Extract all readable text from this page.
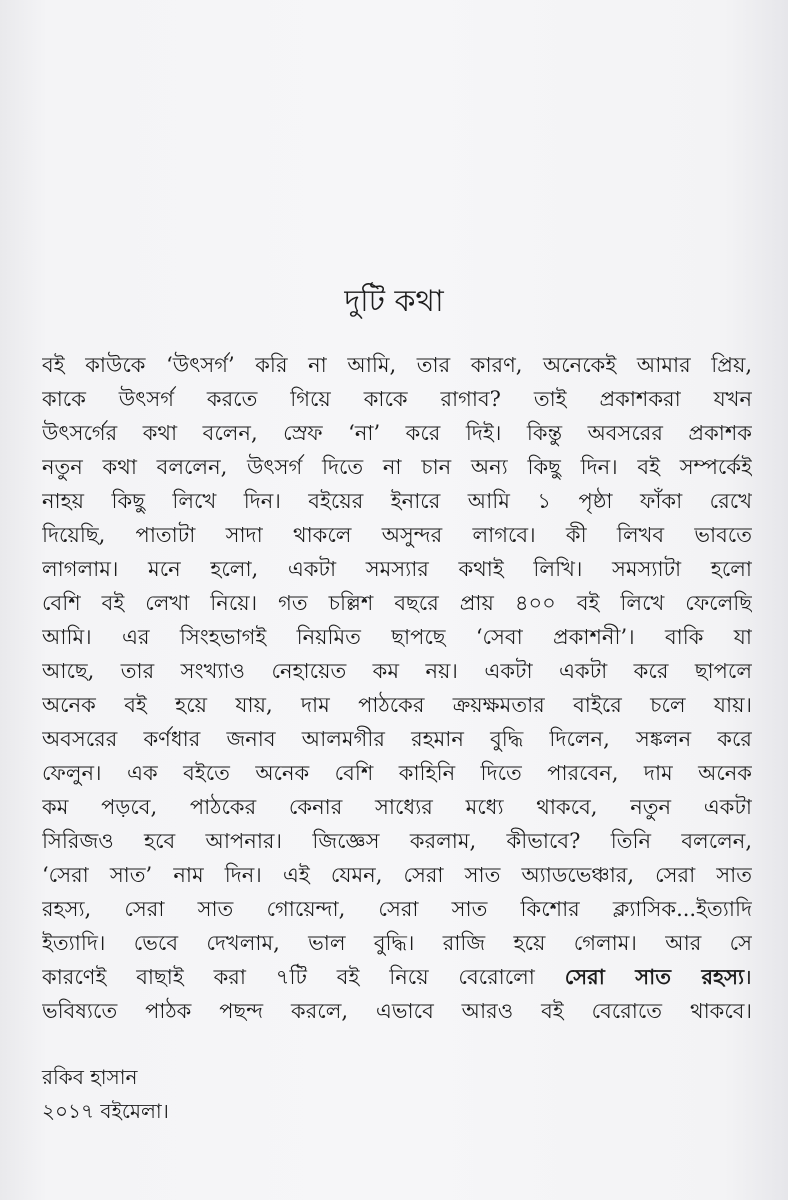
দুটি কথা
বই কাউকে ‘উৎসর্গ’ করি না আমি, তার কারণ, অনেকেই আমার প্রিয়,
কাকে উৎসর্গ করতে গিয়ে কাকে রাগাব? তাই প্রকাশকরা যখন
উৎসর্গের কথা বলেন, স্রেফ ‘না’ করে দিই। কিন্তু অবসরের প্রকাশক
নতুন কথা বললেন, উৎসর্গ দিতে না চান অন্য কিছু দিন। বই সম্পর্কেই
নাহয় কিছু লিখে দিন। বইয়ের ইনারে আমি ১ পৃষ্ঠা ফাঁকা রেখে
দিয়েছি, পাতাটা সাদা থাকলে অসুন্দর লাগবে। কী লিখব ভাবতে
লাগলাম। মনে হলো, একটা সমস্যার কথাই লিখি। সমস্যাটা হলো
বেশি বই লেখা নিয়ে। গত চল্লিশ বছরে প্রায় ৪০০ বই লিখে ফেলেছি
আমি। এর সিংহভাগই নিয়মিত ছাপছে ‘সেবা প্রকাশনী’। বাকি যা
আছে, তার সংখ্যাও নেহায়েত কম নয়। একটা একটা করে ছাপলে
অনেক বই হয়ে যায়, দাম পাঠকের ক্রয়ক্ষমতার বাইরে চলে যায়।
অবসরের কর্ণধার জনাব আলমগীর রহমান বুদ্ধি দিলেন, সঙ্কলন করে
ফেলুন। এক বইতে অনেক বেশি কাহিনি দিতে পারবেন, দাম অনেক
কম পড়বে, পাঠকের কেনার সাধ্যের মধ্যে থাকবে, নতুন একটা
সিরিজও হবে আপনার। জিজ্ঞেস করলাম, কীভাবে? তিনি বললেন,
‘সেরা সাত’ নাম দিন। এই যেমন, সেরা সাত অ্যাডভেঞ্চার, সেরা সাত
রহস্য, সেরা সাত গোয়েন্দা, সেরা সাত কিশোর ক্ল্যাসিক...ইত্যাদি
ইত্যাদি। ভেবে দেখলাম, ভাল বুদ্ধি। রাজি হয়ে গেলাম। আর সে
কারণেই বাছাই করা ৭টি বই নিয়ে বেরোলো সেরা সাত রহস্য।
ভবিষ্যতে পাঠক পছন্দ করলে, এভাবে আরও বই বেরোতে থাকবে।
রকিব হাসান
২০১৭ বইমেলা।
